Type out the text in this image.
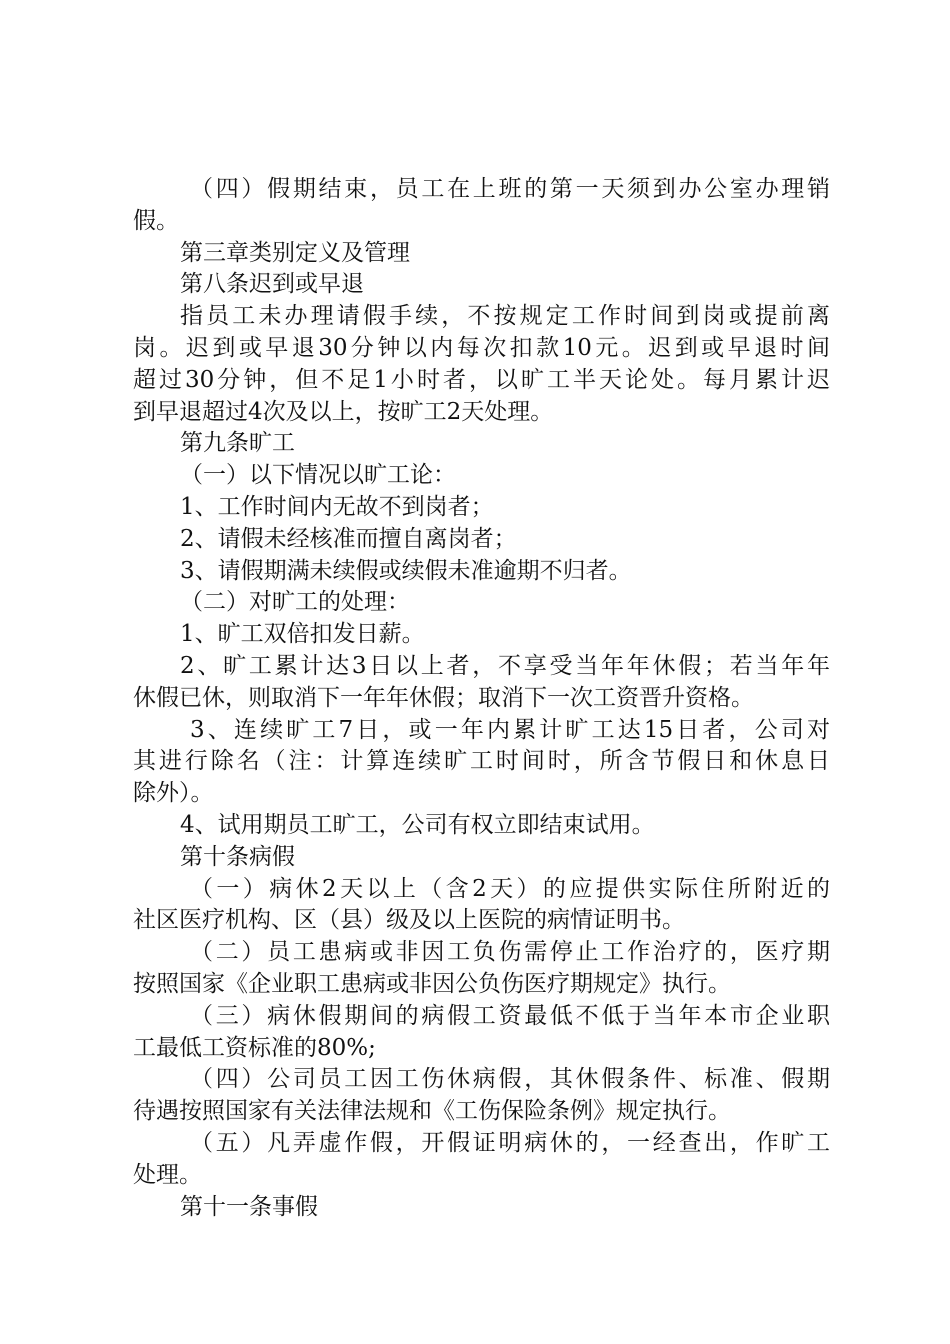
（四）假期结束，员工在上班的第一天须到办公室办理销
假。
第三章类别定义及管理
第八条迟到或早退
指员工未办理请假手续，不按规定工作时间到岗或提前离
岗。迟到或早退30分钟以内每次扣款10元。迟到或早退时间
超过30分钟，但不足1小时者，以旷工半天论处。每月累计迟
到早退超过4次及以上，按旷工2天处理。
第九条旷工
（一）以下情况以旷工论：
1、工作时间内无故不到岗者；
2、请假未经核准而擅自离岗者；
3、请假期满未续假或续假未准逾期不归者。
（二）对旷工的处理：
1、旷工双倍扣发日薪。
2、旷工累计达3日以上者，不享受当年年休假；若当年年
休假已休，则取消下一年年休假；取消下一次工资晋升资格。
3、连续旷工7日，或一年内累计旷工达15日者，公司对
其进行除名（注：计算连续旷工时间时，所含节假日和休息日
除外）。
4、试用期员工旷工，公司有权立即结束试用。
第十条病假
（一）病休2天以上（含2天）的应提供实际住所附近的
社区医疗机构、区（县）级及以上医院的病情证明书。
（二）员工患病或非因工负伤需停止工作治疗的，医疗期
按照国家《企业职工患病或非因公负伤医疗期规定》执行。
（三）病休假期间的病假工资最低不低于当年本市企业职
工最低工资标准的80%;
（四）公司员工因工伤休病假，其休假条件、标准、假期
待遇按照国家有关法律法规和《工伤保险条例》规定执行。
（五）凡弄虚作假，开假证明病休的，一经查出，作旷工
处理。
第十一条事假
